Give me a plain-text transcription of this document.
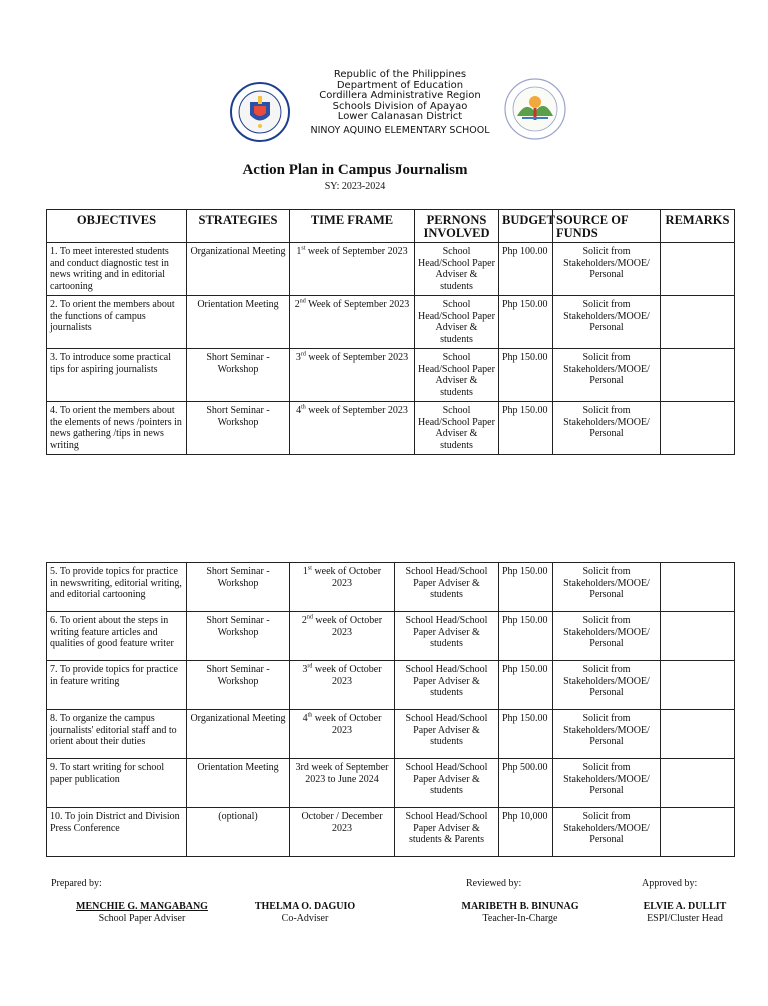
Republic of the Philippines
Department of Education
Cordillera Administrative Region
Schools Division of Apayao
Lower Calanasan District
NINOY AQUINO ELEMENTARY SCHOOL
Action Plan in Campus Journalism
SY: 2023-2024
OBJECTIVES	STRATEGIES	TIME FRAME	PERNONS INVOLVED	BUDGET	SOURCE OF FUNDS	REMARKS
1. To meet interested students and conduct diagnostic test in news writing and in editorial cartooning	Organizational Meeting	1st week of September 2023	School Head/School Paper Adviser & students	Php 100.00	Solicit from Stakeholders/MOOE/ Personal	
2. To orient the members about the functions of campus journalists	Orientation Meeting	2nd Week of September 2023	School Head/School Paper Adviser & students	Php 150.00	Solicit from Stakeholders/MOOE/ Personal	
3. To introduce some practical tips for aspiring journalists	Short Seminar - Workshop	3rd week of September 2023	School Head/School Paper Adviser & students	Php 150.00	Solicit from Stakeholders/MOOE/ Personal	
4. To orient the members about the elements of news /pointers in news gathering /tips in news writing	Short Seminar - Workshop	4th week of September 2023	School Head/School Paper Adviser & students	Php 150.00	Solicit from Stakeholders/MOOE/ Personal	
5. To provide topics for practice in newswriting, editorial writing, and editorial cartooning	Short Seminar - Workshop	1st week of October 2023	School Head/School Paper Adviser & students	Php 150.00	Solicit from Stakeholders/MOOE/ Personal	
6. To orient about the steps in writing feature articles and qualities of good feature writer	Short Seminar - Workshop	2nd week of October 2023	School Head/School Paper Adviser & students	Php 150.00	Solicit from Stakeholders/MOOE/ Personal	
7. To provide topics for practice in feature writing	Short Seminar - Workshop	3rd week of October 2023	School Head/School Paper Adviser & students	Php 150.00	Solicit from Stakeholders/MOOE/ Personal	
8. To organize the campus journalists' editorial staff and to orient about their duties	Organizational Meeting	4th week of October 2023	School Head/School Paper Adviser & students	Php 150.00	Solicit from Stakeholders/MOOE/ Personal	
9. To start writing for school paper publication	Orientation Meeting	3rd week of September 2023 to June 2024	School Head/School Paper Adviser & students	Php 500.00	Solicit from Stakeholders/MOOE/ Personal	
10. To join District and Division Press Conference	(optional)	October / December 2023	School Head/School Paper Adviser & students & Parents	Php 10,000	Solicit from Stakeholders/MOOE/ Personal	
Prepared by:	Reviewed by:	Approved by:
MENCHIE G. MANGABANG
School Paper Adviser
THELMA O. DAGUIO
Co-Adviser
MARIBETH B. BINUNAG
Teacher-In-Charge
ELVIE A. DULLIT
ESPI/Cluster Head
